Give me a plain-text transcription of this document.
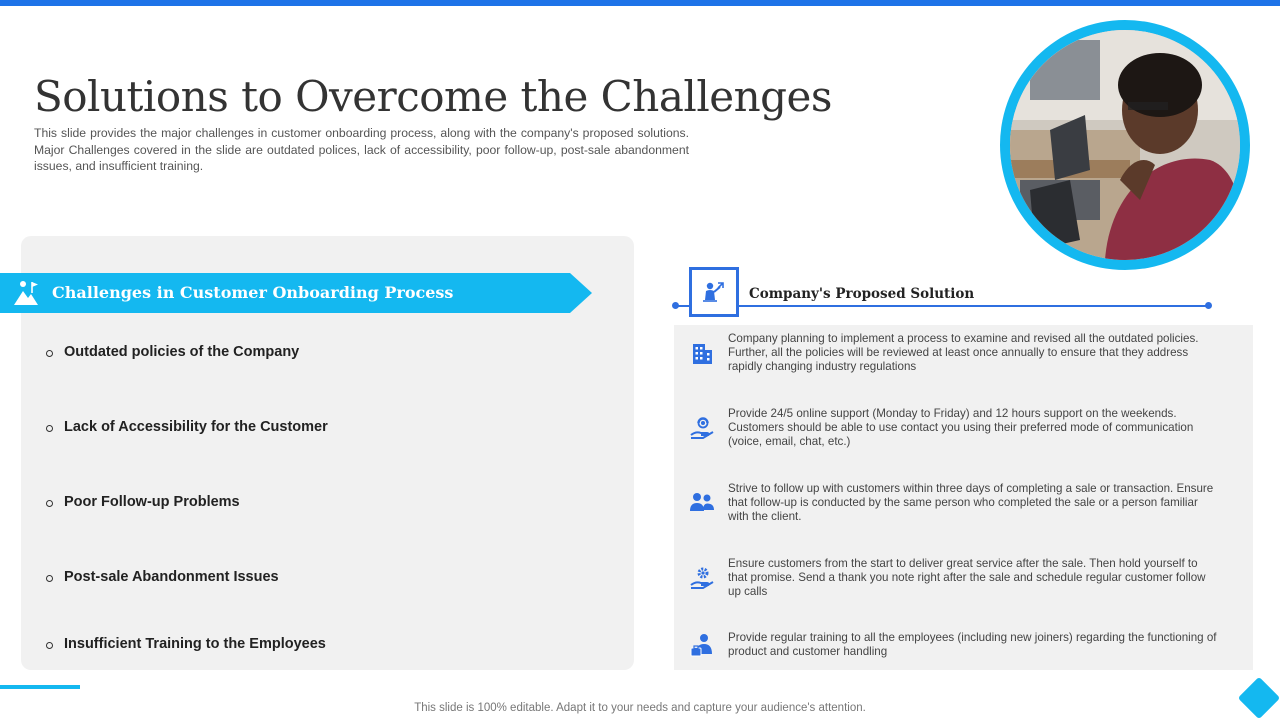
Solutions to Overcome the Challenges

This slide provides the major challenges in customer onboarding process, along with the company's proposed solutions. Major Challenges covered in the slide are outdated polices, lack of accessibility, poor follow-up, post-sale abandonment issues, and insufficient training.

Challenges in Customer Onboarding Process
Outdated policies of the Company
Lack of Accessibility for the Customer
Poor Follow-up Problems
Post-sale Abandonment Issues
Insufficient Training to the Employees
Company's Proposed Solution

Company planning to implement a process to examine and revised all the outdated policies. Further, all the policies will be reviewed at least once annually to ensure that they address rapidly changing industry regulations

Provide 24/5 online support (Monday to Friday) and 12 hours support on the weekends. Customers should be able to use contact you using their preferred mode of communication (voice, email, chat, etc.)

Strive to follow up with customers within three days of completing a sale or transaction. Ensure that follow-up is conducted by the same person who completed the sale or a person familiar with the client.

Ensure customers from the start to deliver great service after the sale. Then hold yourself to that promise. Send a thank you note right after the sale and schedule regular customer follow up calls

Provide regular training to all the employees (including new joiners) regarding the functioning of product and customer handling

This slide is 100% editable. Adapt it to your needs and capture your audience's attention.
